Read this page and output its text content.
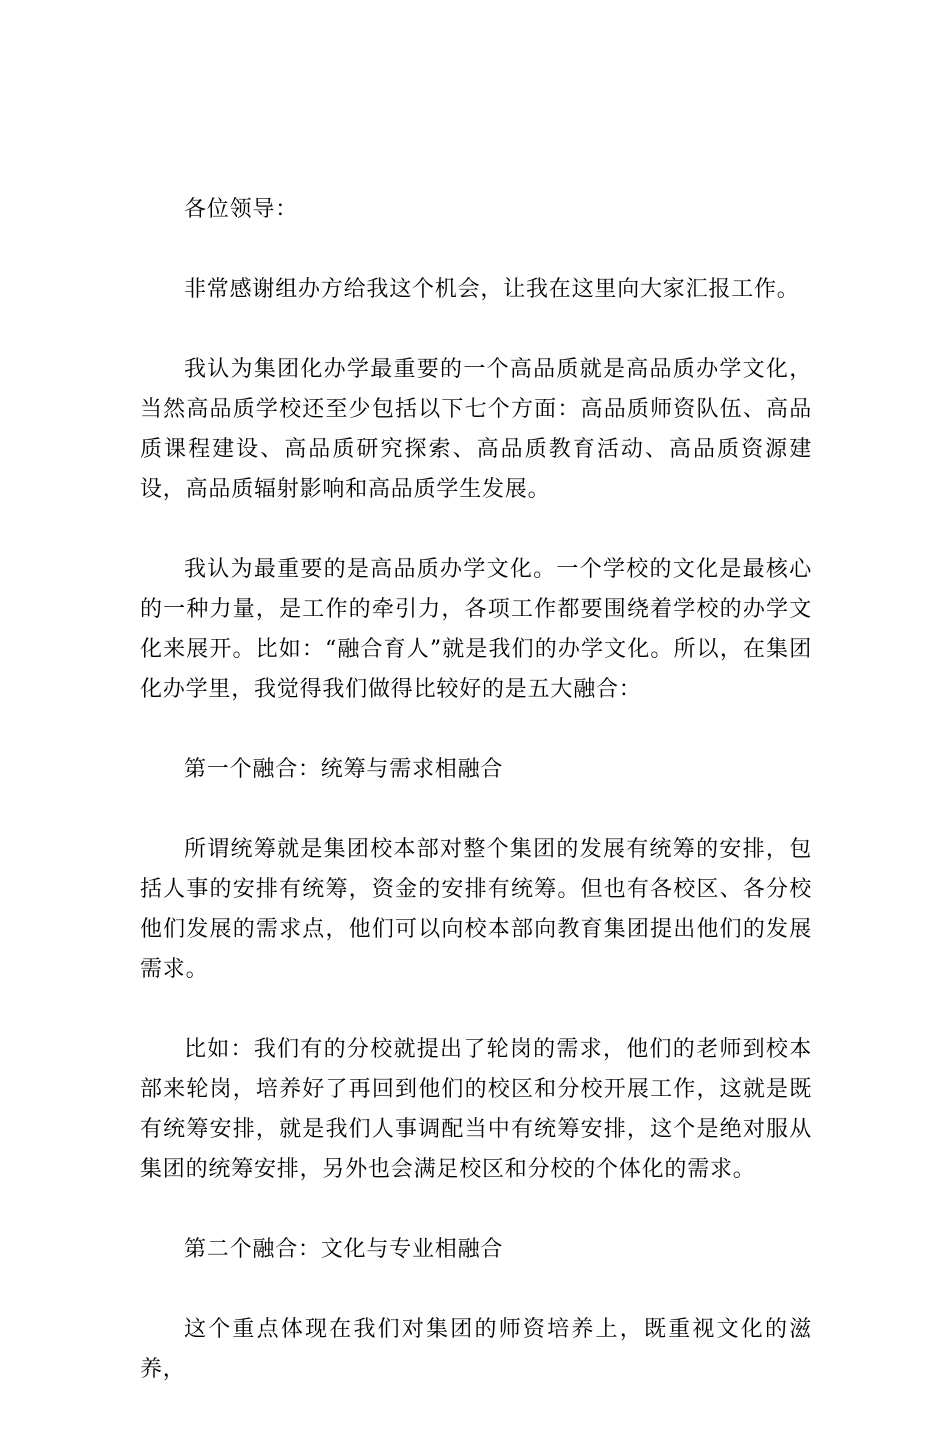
各位领导：

非常感谢组办方给我这个机会，让我在这里向大家汇报工作。

我认为集团化办学最重要的一个高品质就是高品质办学文化，当然高品质学校还至少包括以下七个方面：高品质师资队伍、高品质课程建设、高品质研究探索、高品质教育活动、高品质资源建设，高品质辐射影响和高品质学生发展。

我认为最重要的是高品质办学文化。一个学校的文化是最核心的一种力量，是工作的牵引力，各项工作都要围绕着学校的办学文化来展开。比如：“融合育人”就是我们的办学文化。所以，在集团化办学里，我觉得我们做得比较好的是五大融合：

第一个融合：统筹与需求相融合

所谓统筹就是集团校本部对整个集团的发展有统筹的安排，包括人事的安排有统筹，资金的安排有统筹。但也有各校区、各分校他们发展的需求点，他们可以向校本部向教育集团提出他们的发展需求。

比如：我们有的分校就提出了轮岗的需求，他们的老师到校本部来轮岗，培养好了再回到他们的校区和分校开展工作，这就是既有统筹安排，就是我们人事调配当中有统筹安排，这个是绝对服从集团的统筹安排，另外也会满足校区和分校的个体化的需求。

第二个融合：文化与专业相融合

这个重点体现在我们对集团的师资培养上，既重视文化的滋养，
